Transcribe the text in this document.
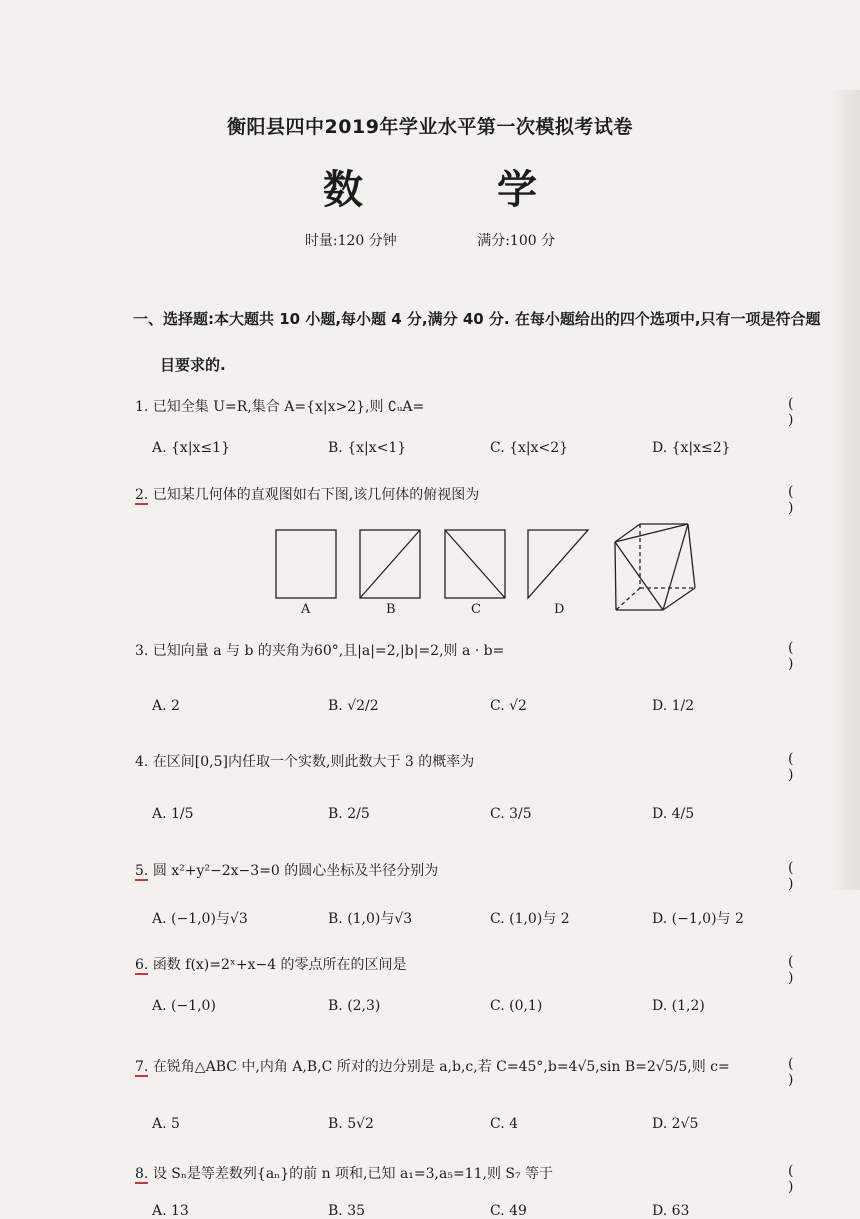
衡阳县四中2019年学业水平第一次模拟考试卷
数 学
时量:120 分钟	满分:100 分
一、选择题:本大题共 10 小题,每小题 4 分,满分 40 分. 在每小题给出的四个选项中,只有一项是符合题
目要求的.
1. 已知全集 U=R,集合 A={x|x>2},则 ∁ᵤA=	( )
A. {x|x≤1}	B. {x|x<1}	C. {x|x<2}	D. {x|x≤2}
2. 已知某几何体的直观图如右下图,该几何体的俯视图为	( )
A	B	C	D
3. 已知向量 a 与 b 的夹角为60°,且|a|=2,|b|=2,则 a · b=	( )
A. 2	B. √2/2	C. √2	D. 1/2
4. 在区间[0,5]内任取一个实数,则此数大于 3 的概率为	( )
A. 1/5	B. 2/5	C. 3/5	D. 4/5
5. 圆 x²+y²−2x−3=0 的圆心坐标及半径分别为	( )
A. (−1,0)与√3	B. (1,0)与√3	C. (1,0)与 2	D. (−1,0)与 2
6. 函数 f(x)=2ˣ+x−4 的零点所在的区间是	( )
A. (−1,0)	B. (2,3)	C. (0,1)	D. (1,2)
7. 在锐角△ABC 中,内角 A,B,C 所对的边分别是 a,b,c,若 C=45°,b=4√5,sin B=2√5/5,则 c=	( )
A. 5	B. 5√2	C. 4	D. 2√5
8. 设 Sₙ是等差数列{aₙ}的前 n 项和,已知 a₁=3,a₅=11,则 S₇ 等于	( )
A. 13	B. 35	C. 49	D. 63
